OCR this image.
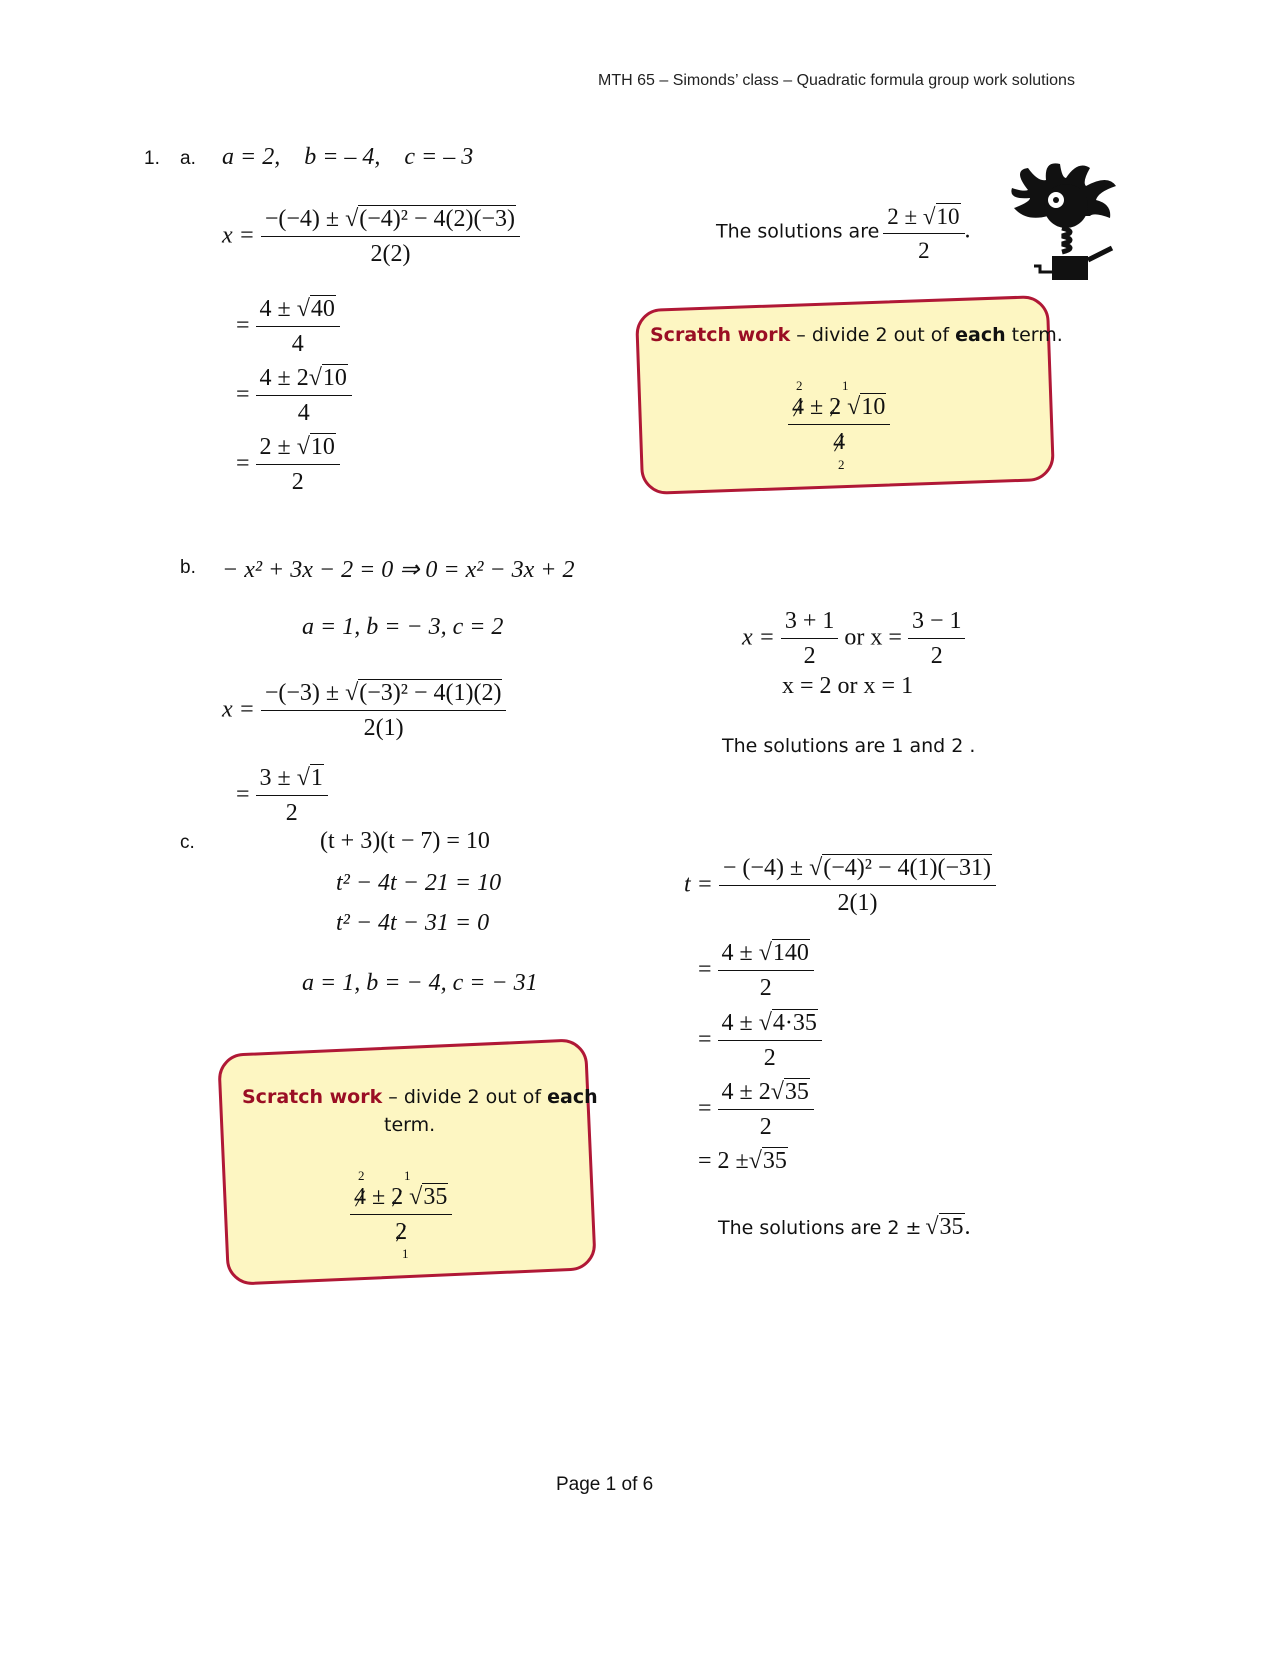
MTH 65 – Simonds’ class – Quadratic formula group work solutions
1. a. a = 2, b = – 4, c = – 3
$x = \frac{\text{−(−4) ± √(−4)² − 4(2)(−3)}}{2(2)}$
= $\frac{4 \pm √40}{4}$
= $\frac{4 \pm 2√10}{4}$
= $\frac{2 \pm √10}{2}$
The solutions are $\frac{2 \pm √10}{2}$ .
Scratch work – divide 2 out of each term.
2	1
$\frac{4 \pm 2 √10}{4}$
2
b. − x² + 3x − 2 = 0 ⇒ 0 = x² − 3x + 2
a = 1, b = − 3, c = 2
$x = \frac{\text{−(−3) ± √(−3)² − 4(1)(2)}}{2(1)}$
= $\frac{3 \pm √1}{2}$
$x = \frac{3 + 1}{2}$ or $x = \frac{3 - 1}{2}$
x = 2 or x = 1
The solutions are 1 and 2 .
c.	(t + 3)(t − 7) = 10
t² − 4t − 21 = 10
t² − 4t − 31 = 0
a = 1, b = − 4, c = − 31
$t = \frac{\text{− (−4) ± √(−4)² − 4(1)(−31)}}{2(1)}$
= $\frac{4 \pm √140}{2}$
= $\frac{4 \pm √4\cdot 35}{2}$
= $\frac{4 \pm 2√35}{2}$
= 2 ±√35
The solutions are 2 ± √35.
Scratch work – divide 2 out of each
term.
2	1
$\frac{4 \pm 2 √35}{2}$
1
Page 1 of 6
